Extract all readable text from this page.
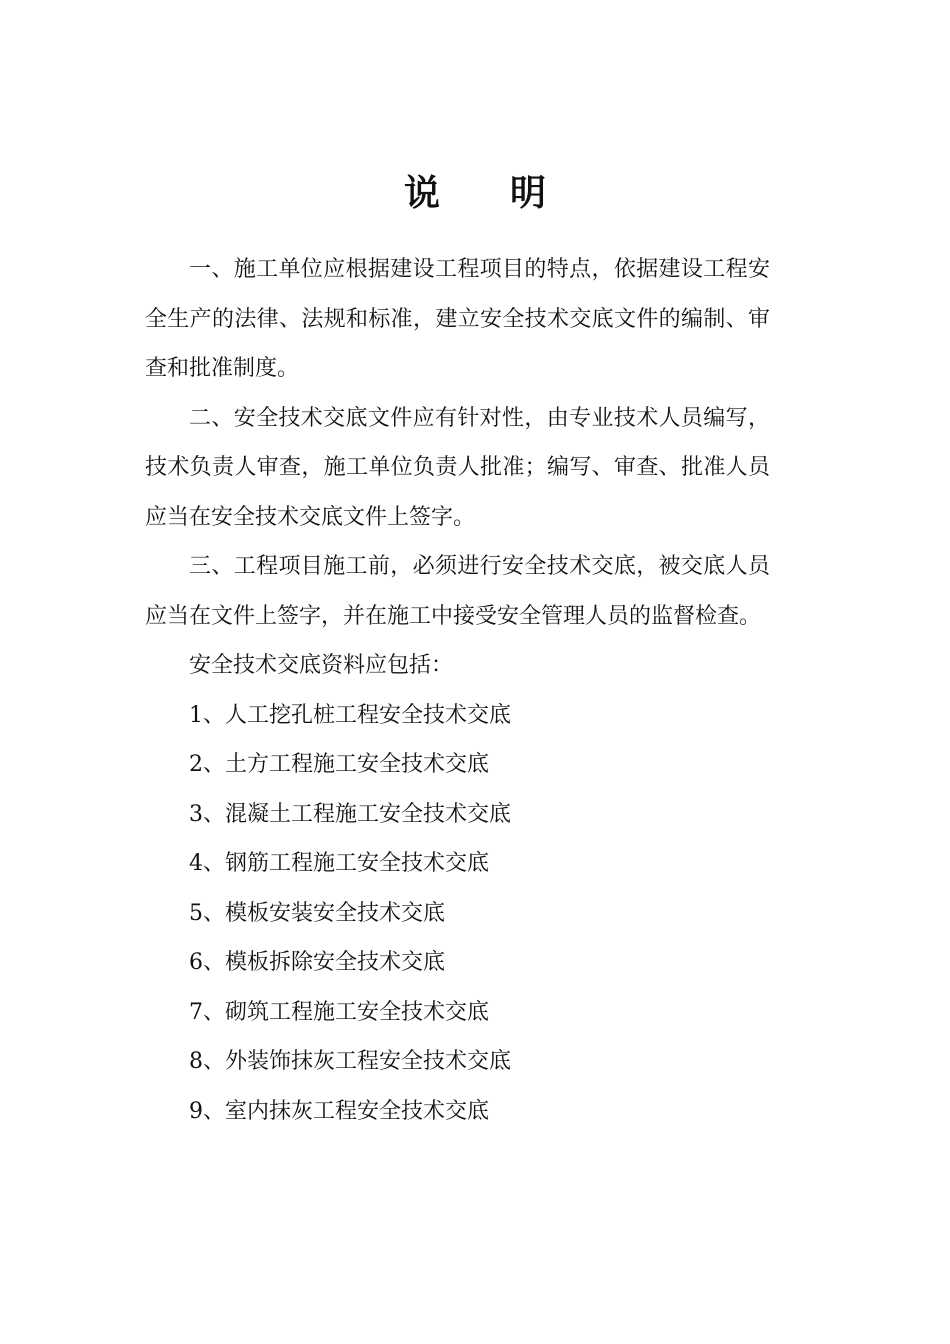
说 明

一、施工单位应根据建设工程项目的特点，依据建设工程安全生产的法律、法规和标准，建立安全技术交底文件的编制、审查和批准制度。

二、安全技术交底文件应有针对性，由专业技术人员编写，技术负责人审查，施工单位负责人批准；编写、审查、批准人员应当在安全技术交底文件上签字。

三、工程项目施工前，必须进行安全技术交底，被交底人员应当在文件上签字，并在施工中接受安全管理人员的监督检查。

安全技术交底资料应包括：

1、人工挖孔桩工程安全技术交底
2、土方工程施工安全技术交底
3、混凝土工程施工安全技术交底
4、钢筋工程施工安全技术交底
5、模板安装安全技术交底
6、模板拆除安全技术交底
7、砌筑工程施工安全技术交底
8、外装饰抹灰工程安全技术交底
9、室内抹灰工程安全技术交底
